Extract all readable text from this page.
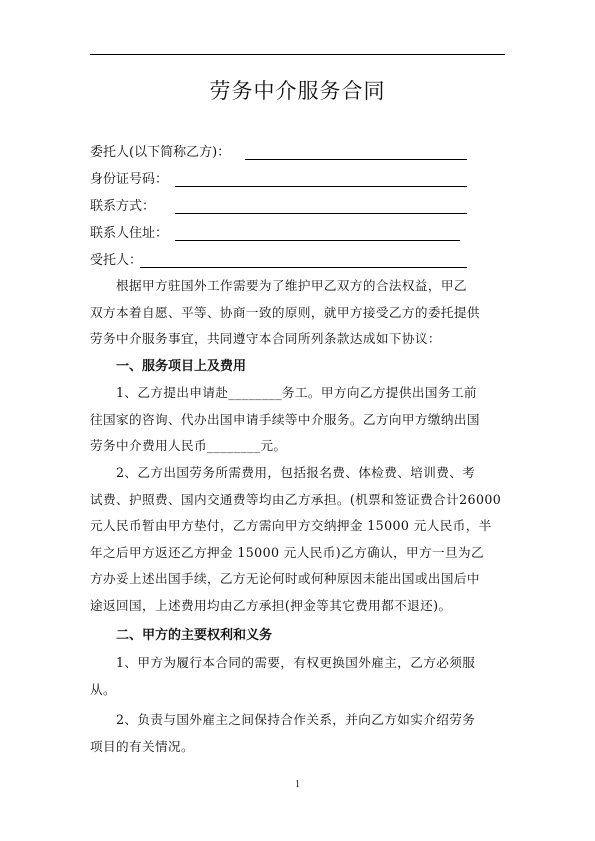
劳务中介服务合同
委托人(以下简称乙方)：
身份证号码：
联系方式：
联系人住址：
受托人：
根据甲方驻国外工作需要为了维护甲乙双方的合法权益，甲乙
双方本着自愿、平等、协商一致的原则，就甲方接受乙方的委托提供
劳务中介服务事宜，共同遵守本合同所列条款达成如下协议：
一、服务项目上及费用
1、乙方提出申请赴________务工。甲方向乙方提供出国务工前
往国家的咨询、代办出国申请手续等中介服务。乙方向甲方缴纳出国
劳务中介费用人民币________元。
2、乙方出国劳务所需费用，包括报名费、体检费、培训费、考
试费、护照费、国内交通费等均由乙方承担。(机票和签证费合计26000
元人民币暂由甲方垫付，乙方需向甲方交纳押金 15000 元人民币，半
年之后甲方返还乙方押金 15000 元人民币)乙方确认，甲方一旦为乙
方办妥上述出国手续，乙方无论何时或何种原因未能出国或出国后中
途返回国，上述费用均由乙方承担(押金等其它费用都不退还)。
二、甲方的主要权利和义务
1、甲方为履行本合同的需要，有权更换国外雇主，乙方必须服
从。
2、负责与国外雇主之间保持合作关系，并向乙方如实介绍劳务
项目的有关情况。
1
